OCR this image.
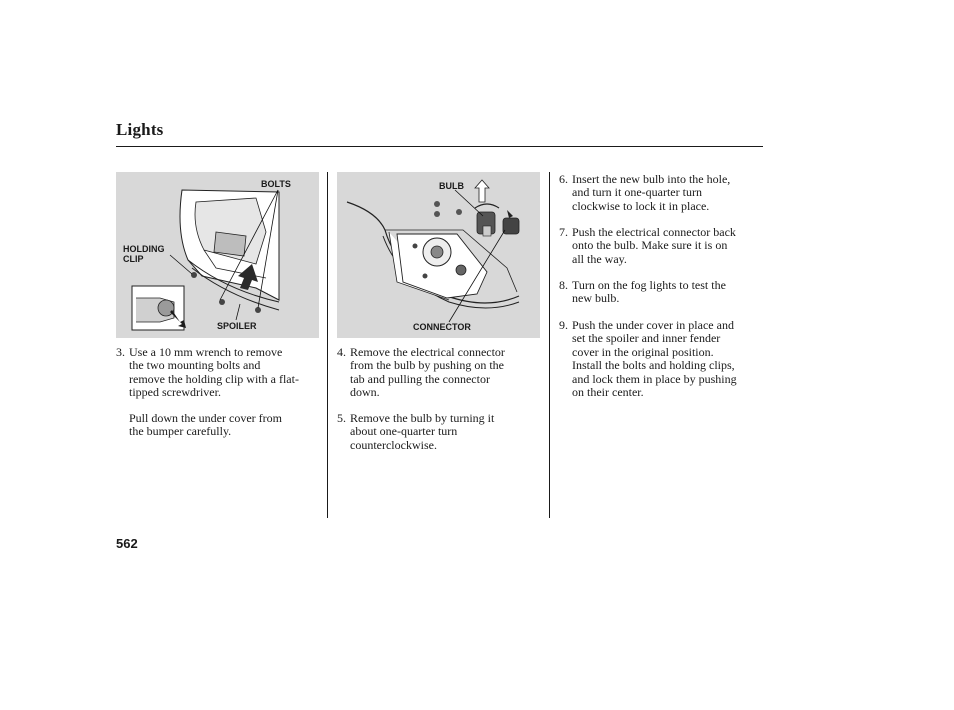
Lights
BOLTS
HOLDING
CLIP
SPOILER
BULB
CONNECTOR
3. Use a 10 mm wrench to remove
the two mounting bolts and
remove the holding clip with a flat-
tipped screwdriver.
Pull down the under cover from
the bumper carefully.
4. Remove the electrical connector
from the bulb by pushing on the
tab and pulling the connector
down.
5. Remove the bulb by turning it
about one-quarter turn
counterclockwise.
6. Insert the new bulb into the hole,
and turn it one-quarter turn
clockwise to lock it in place.
7. Push the electrical connector back
onto the bulb. Make sure it is on
all the way.
8. Turn on the fog lights to test the
new bulb.
9. Push the under cover in place and
set the spoiler and inner fender
cover in the original position.
Install the bolts and holding clips,
and lock them in place by pushing
on their center.
562
